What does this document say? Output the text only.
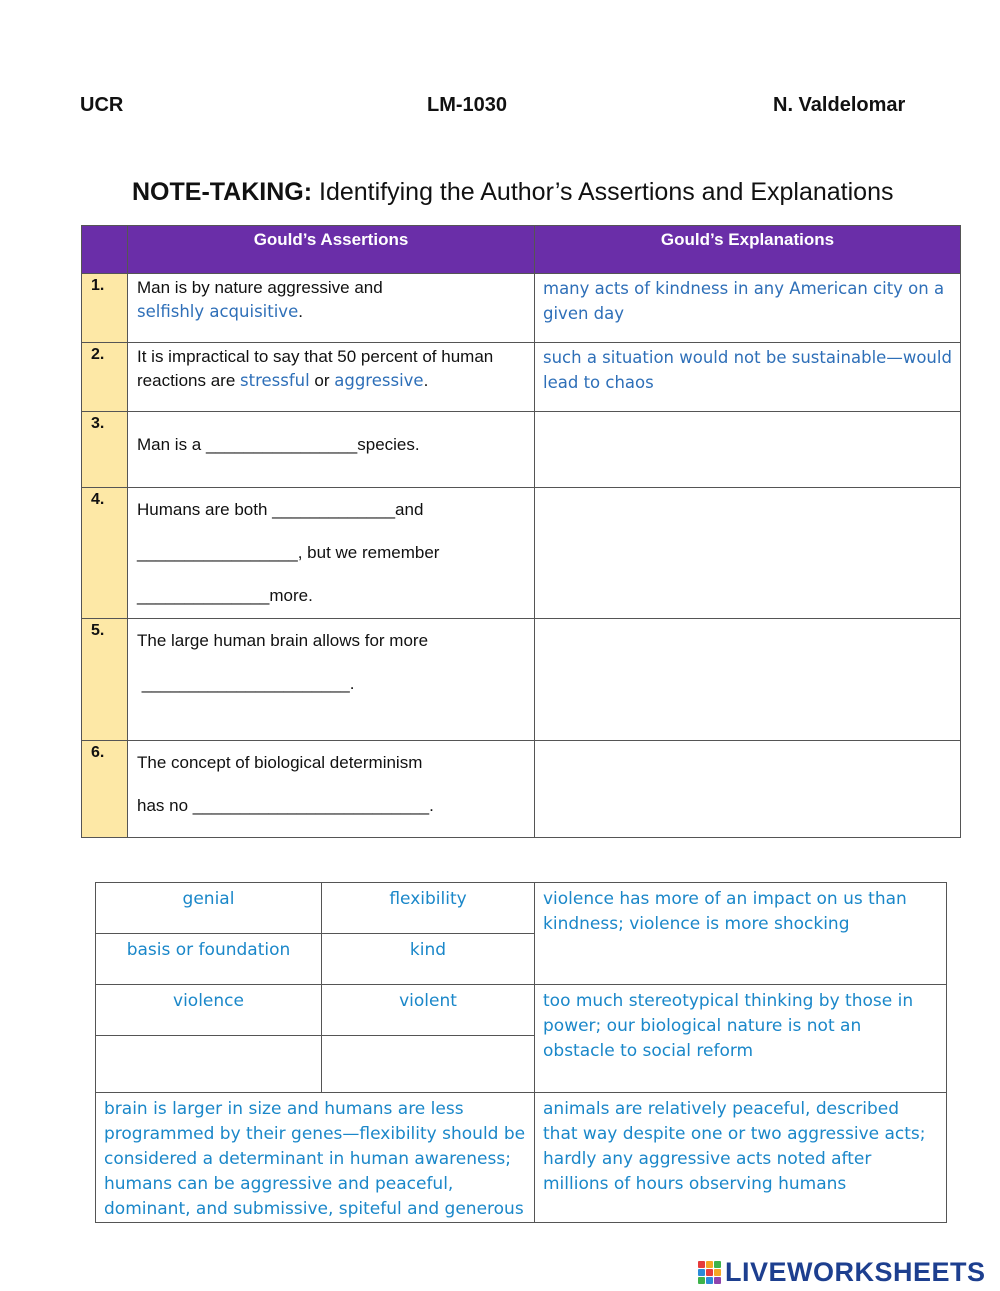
UCR	LM-1030	N. Valdelomar
NOTE-TAKING: Identifying the Author’s Assertions and Explanations
	Gould’s Assertions	Gould’s Explanations
1.	Man is by nature aggressive and
selfishly acquisitive.	many acts of kindness in any American city on a given day

2.	It is impractical to say that 50 percent of human reactions are stressful or aggressive.	such a situation would not be sustainable—would lead to chaos

3.	Man is a ________________species.	

4.	Humans are both _____________and
_________________, but we remember
______________more.	

5.	The large human brain allows for more
______________________.	

6.	The concept of biological determinism
has no _________________________.	

genial	flexibility	violence has more of an impact on us than kindness; violence is more shocking
basis or foundation	kind	
violence	violent	too much stereotypical thinking by those in power; our biological nature is not an obstacle to social reform

brain is larger in size and humans are less programmed by their genes—flexibility should be considered a determinant in human awareness; humans can be aggressive and peaceful, dominant, and submissive, spiteful and generous		animals are relatively peaceful, described that way despite one or two aggressive acts; hardly any aggressive acts noted after millions of hours observing humans
LIVEWORKSHEETS
